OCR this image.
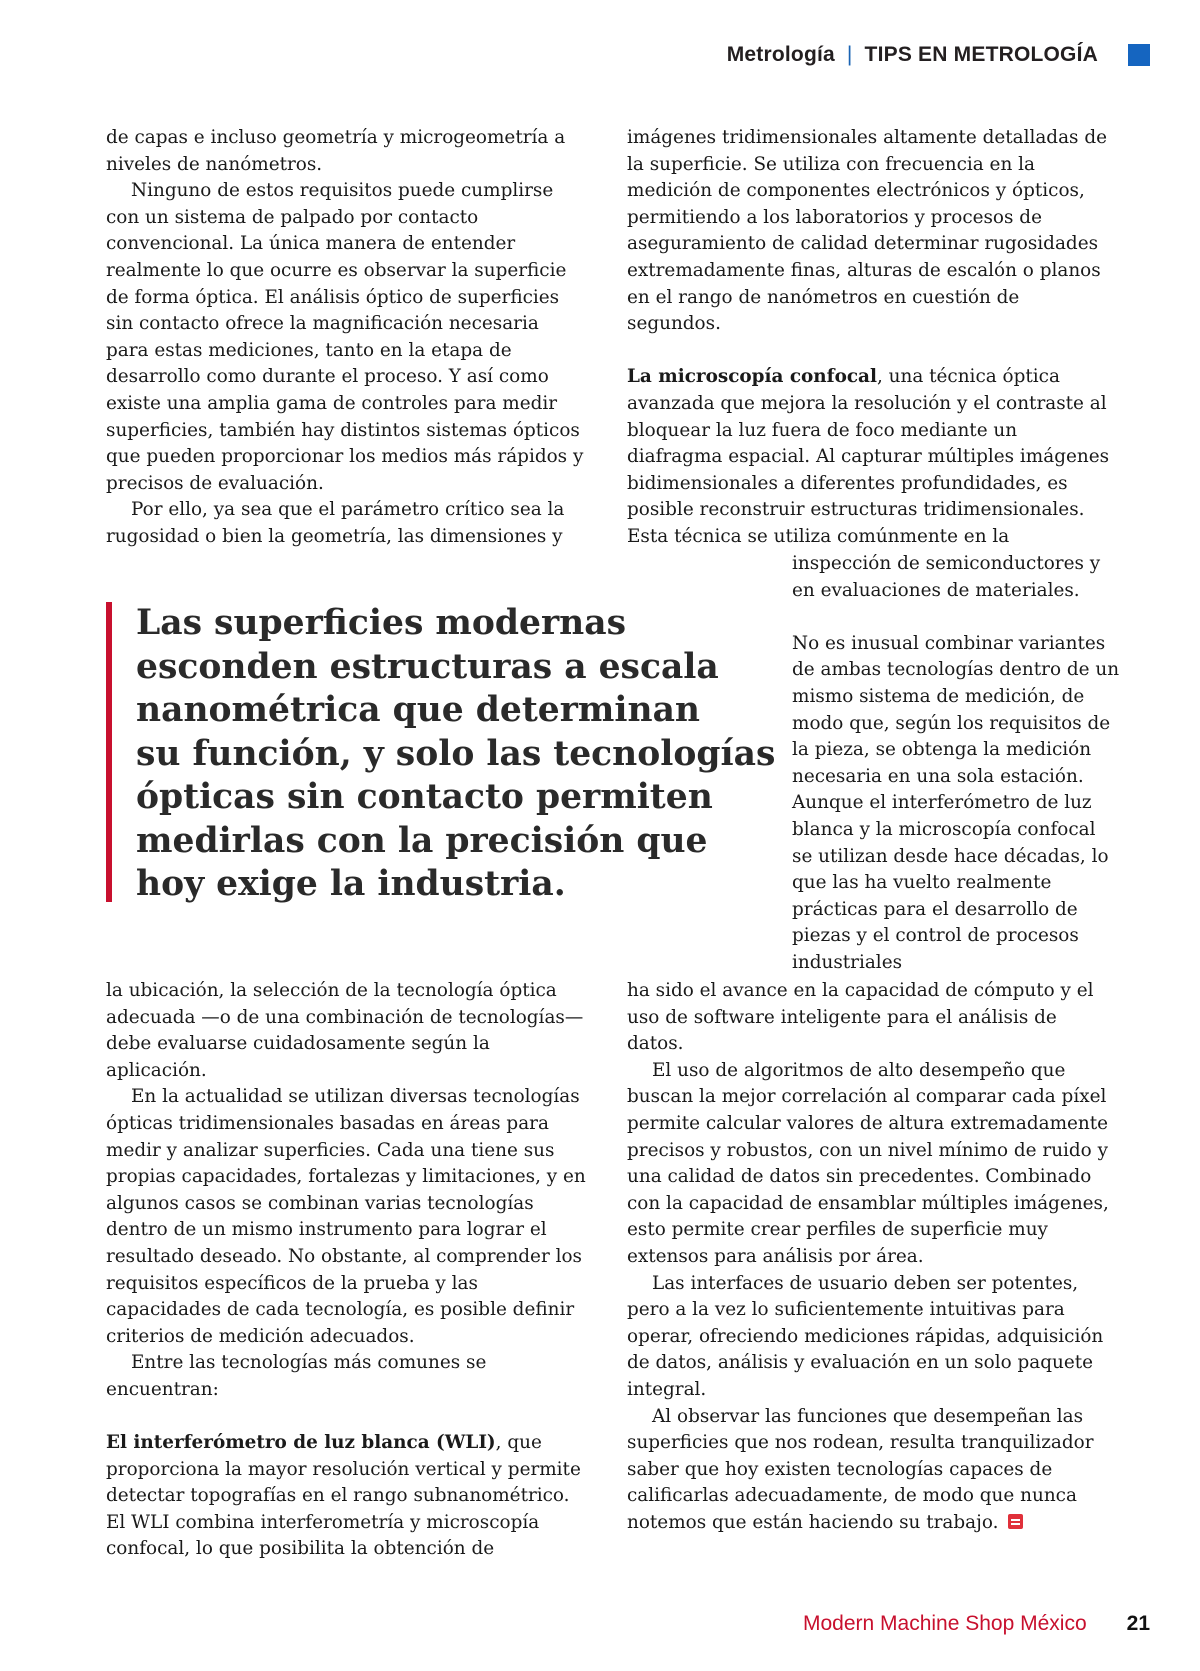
Metrología | TIPS EN METROLOGÍA

de capas e incluso geometría y microgeometría a niveles de nanómetros.

Ninguno de estos requisitos puede cumplirse con un sistema de palpado por contacto convencional. La única manera de entender realmente lo que ocurre es observar la superficie de forma óptica. El análisis óptico de superficies sin contacto ofrece la magnificación necesaria para estas mediciones, tanto en la etapa de desarrollo como durante el proceso. Y así como existe una amplia gama de controles para medir superficies, también hay distintos sistemas ópticos que pueden proporcionar los medios más rápidos y precisos de evaluación.

Por ello, ya sea que el parámetro crítico sea la rugosidad o bien la geometría, las dimensiones y

Las superficies modernas
esconden estructuras a escala
nanométrica que determinan
su función, y solo las tecnologías
ópticas sin contacto permiten
medirlas con la precisión que
hoy exige la industria.

la ubicación, la selección de la tecnología óptica adecuada —o de una combinación de tecnologías— debe evaluarse cuidadosamente según la aplicación.

En la actualidad se utilizan diversas tecnologías ópticas tridimensionales basadas en áreas para medir y analizar superficies. Cada una tiene sus propias capacidades, fortalezas y limitaciones, y en algunos casos se combinan varias tecnologías dentro de un mismo instrumento para lograr el resultado deseado. No obstante, al comprender los requisitos específicos de la prueba y las capacidades de cada tecnología, es posible definir criterios de medición adecuados.

Entre las tecnologías más comunes se encuentran:

El interferómetro de luz blanca (WLI), que proporciona la mayor resolución vertical y permite detectar topografías en el rango subnanométrico. El WLI combina interferometría y microscopía confocal, lo que posibilita la obtención de

imágenes tridimensionales altamente detalladas de la superficie. Se utiliza con frecuencia en la medición de componentes electrónicos y ópticos, permitiendo a los laboratorios y procesos de aseguramiento de calidad determinar rugosidades extremadamente finas, alturas de escalón o planos en el rango de nanómetros en cuestión de segundos.

La microscopía confocal, una técnica óptica avanzada que mejora la resolución y el contraste al bloquear la luz fuera de foco mediante un diafragma espacial. Al capturar múltiples imágenes bidimensionales a diferentes profundidades, es posible reconstruir estructuras tridimensionales. Esta técnica se utiliza comúnmente en la

inspección de semiconductores y en evaluaciones de materiales.

No es inusual combinar variantes de ambas tecnologías dentro de un mismo sistema de medición, de modo que, según los requisitos de la pieza, se obtenga la medición necesaria en una sola estación. Aunque el interferómetro de luz blanca y la microscopía confocal se utilizan desde hace décadas, lo que las ha vuelto realmente prácticas para el desarrollo de piezas y el control de procesos industriales

ha sido el avance en la capacidad de cómputo y el uso de software inteligente para el análisis de datos.

El uso de algoritmos de alto desempeño que buscan la mejor correlación al comparar cada píxel permite calcular valores de altura extremadamente precisos y robustos, con un nivel mínimo de ruido y una calidad de datos sin precedentes. Combinado con la capacidad de ensamblar múltiples imágenes, esto permite crear perfiles de superficie muy extensos para análisis por área.

Las interfaces de usuario deben ser potentes, pero a la vez lo suficientemente intuitivas para operar, ofreciendo mediciones rápidas, adquisición de datos, análisis y evaluación en un solo paquete integral.

Al observar las funciones que desempeñan las superficies que nos rodean, resulta tranquilizador saber que hoy existen tecnologías capaces de calificarlas adecuadamente, de modo que nunca notemos que están haciendo su trabajo.

Modern Machine Shop México 21
